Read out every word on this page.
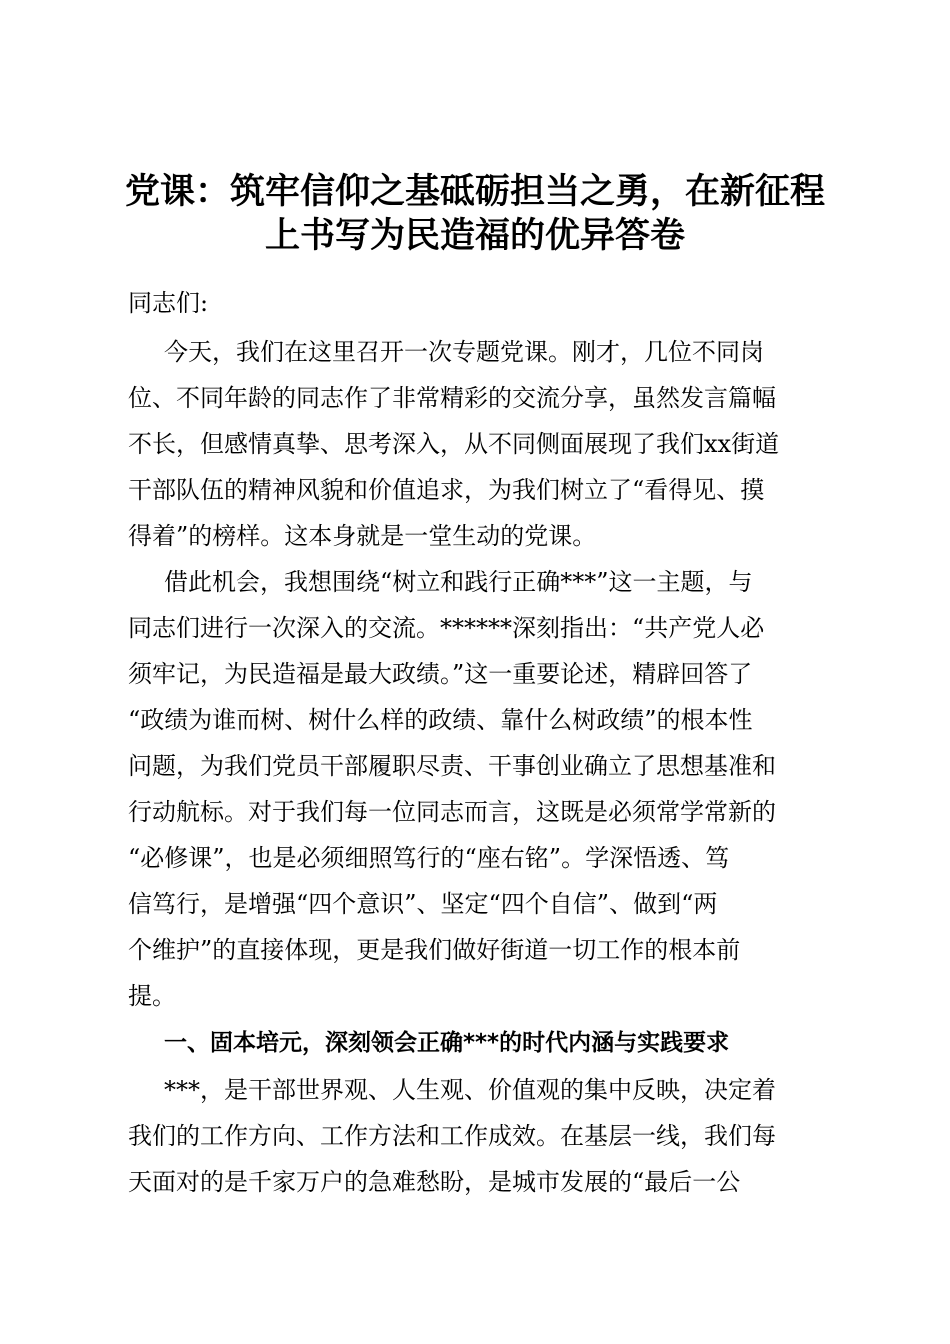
党课：筑牢信仰之基砥砺担当之勇，在新征程
上书写为民造福的优异答卷

同志们:

今天，我们在这里召开一次专题党课。刚才，几位不同岗

位、不同年龄的同志作了非常精彩的交流分享，虽然发言篇幅

不长，但感情真挚、思考深入，从不同侧面展现了我们xx街道

干部队伍的精神风貌和价值追求，为我们树立了“看得见、摸

得着”的榜样。这本身就是一堂生动的党课。

借此机会，我想围绕“树立和践行正确***”这一主题，与

同志们进行一次深入的交流。******深刻指出：“共产党人必

须牢记，为民造福是最大政绩。”这一重要论述，精辟回答了

“政绩为谁而树、树什么样的政绩、靠什么树政绩”的根本性

问题，为我们党员干部履职尽责、干事创业确立了思想基准和

行动航标。对于我们每一位同志而言，这既是必须常学常新的

“必修课”，也是必须细照笃行的“座右铭”。学深悟透、笃

信笃行，是增强“四个意识”、坚定“四个自信”、做到“两

个维护”的直接体现，更是我们做好街道一切工作的根本前

提。

一、固本培元，深刻领会正确***的时代内涵与实践要求

***，是干部世界观、人生观、价值观的集中反映，决定着

我们的工作方向、工作方法和工作成效。在基层一线，我们每

天面对的是千家万户的急难愁盼，是城市发展的“最后一公
